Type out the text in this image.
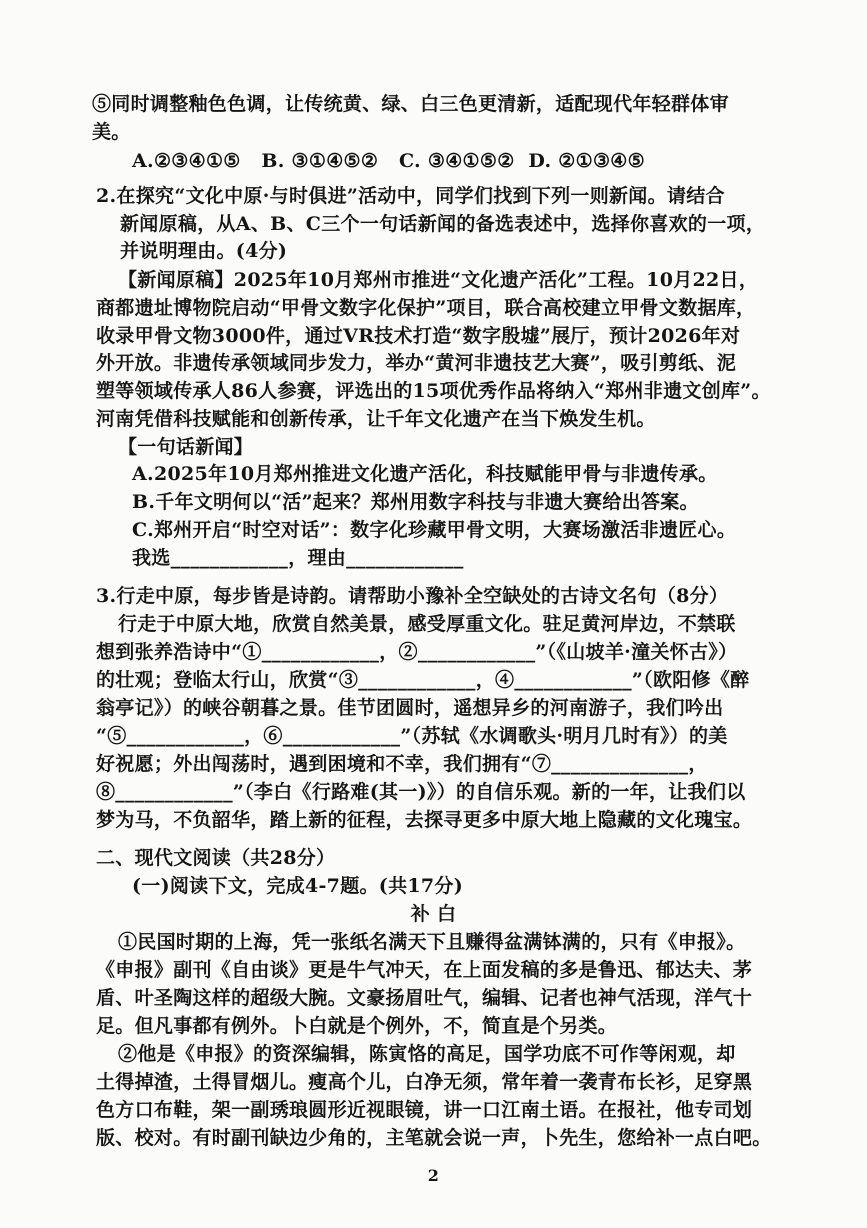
⑤同时调整釉色色调，让传统黄、绿、白三色更清新，适配现代年轻群体审
美。
A.②③④①⑤   B. ③①④⑤②   C. ③④①⑤②  D. ②①③④⑤
2.在探究“文化中原·与时俱进”活动中，同学们找到下列一则新闻。请结合
新闻原稿，从A、B、C三个一句话新闻的备选表述中，选择你喜欢的一项，
并说明理由。(4分)
【新闻原稿】2025年10月郑州市推进“文化遗产活化”工程。10月22日，
商都遗址博物院启动“甲骨文数字化保护”项目，联合高校建立甲骨文数据库，
收录甲骨文物3000件，通过VR技术打造“数字殷墟”展厅，预计2026年对
外开放。非遗传承领域同步发力，举办“黄河非遗技艺大赛”，吸引剪纸、泥
塑等领域传承人86人参赛，评选出的15项优秀作品将纳入“郑州非遗文创库”。
河南凭借科技赋能和创新传承，让千年文化遗产在当下焕发生机。
【一句话新闻】
A.2025年10月郑州推进文化遗产活化，科技赋能甲骨与非遗传承。
B.千年文明何以“活”起来？郑州用数字科技与非遗大赛给出答案。
C.郑州开启“时空对话”：数字化珍藏甲骨文明，大赛场激活非遗匠心。
我选____________，理由____________
3.行走中原，每步皆是诗韵。请帮助小豫补全空缺处的古诗文名句（8分）
行走于中原大地，欣赏自然美景，感受厚重文化。驻足黄河岸边，不禁联
想到张养浩诗中“①____________，②____________”（《山坡羊·潼关怀古》）
的壮观；登临太行山，欣赏“③____________，④____________”（欧阳修《醉
翁亭记》）的峡谷朝暮之景。佳节团圆时，遥想异乡的河南游子，我们吟出
“⑤____________，⑥____________”（苏轼《水调歌头·明月几时有》）的美
好祝愿；外出闯荡时，遇到困境和不幸，我们拥有“⑦______________，
⑧____________”（李白《行路难(其一)》）的自信乐观。新的一年，让我们以
梦为马，不负韶华，踏上新的征程，去探寻更多中原大地上隐藏的文化瑰宝。
二、现代文阅读（共28分）
(一)阅读下文，完成4-7题。(共17分)
补 白
①民国时期的上海，凭一张纸名满天下且赚得盆满钵满的，只有《申报》。
《申报》副刊《自由谈》更是牛气冲天，在上面发稿的多是鲁迅、郁达夫、茅
盾、叶圣陶这样的超级大腕。文豪扬眉吐气，编辑、记者也神气活现，洋气十
足。但凡事都有例外。卜白就是个例外，不，简直是个另类。
②他是《申报》的资深编辑，陈寅恪的高足，国学功底不可作等闲观，却
土得掉渣，土得冒烟儿。瘦高个儿，白净无须，常年着一袭青布长衫，足穿黑
色方口布鞋，架一副琇琅圆形近视眼镜，讲一口江南土语。在报社，他专司划
版、校对。有时副刊缺边少角的，主笔就会说一声，卜先生，您给补一点白吧。
2
